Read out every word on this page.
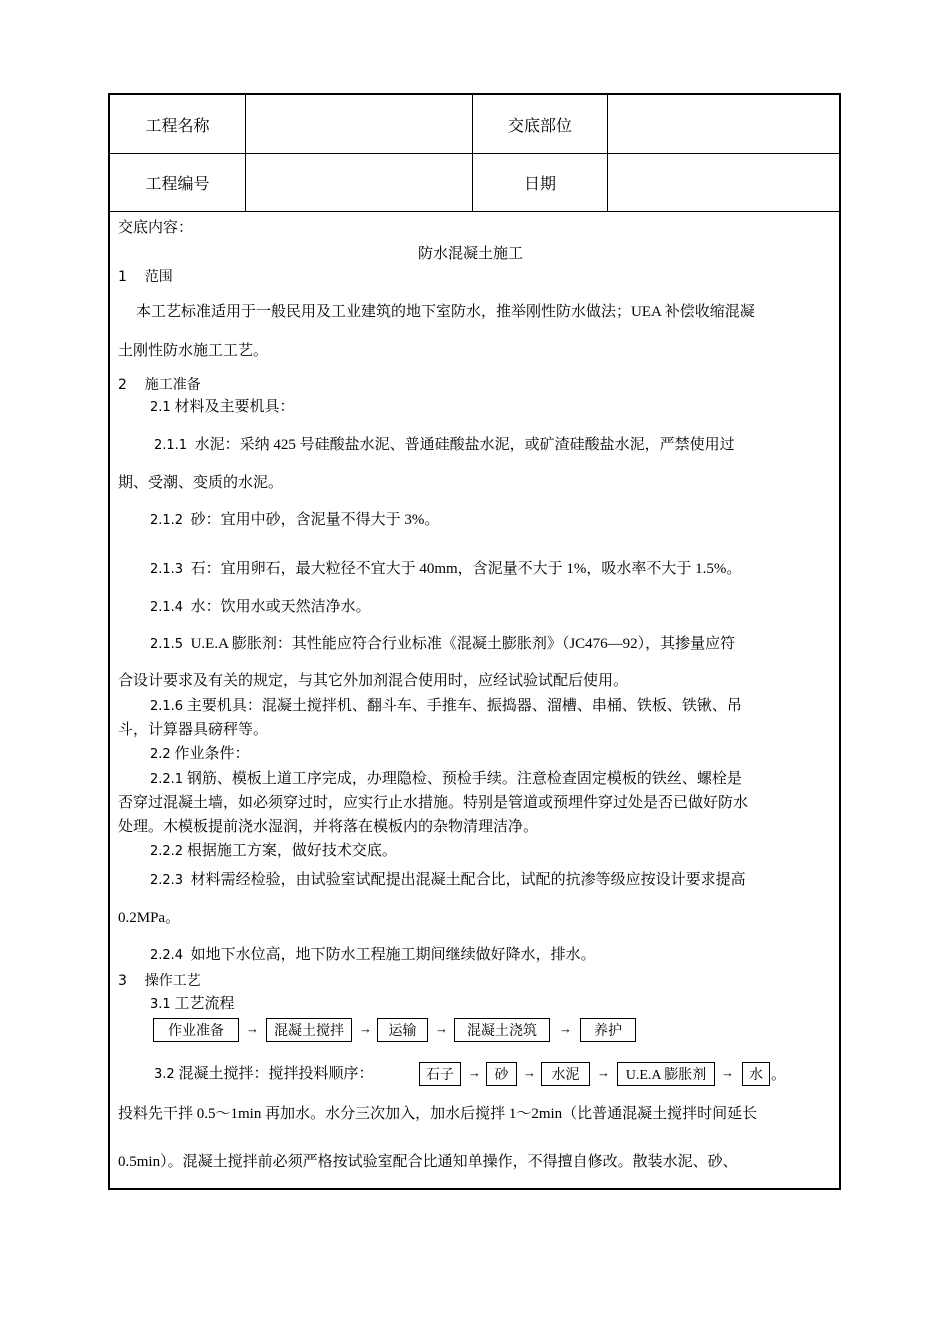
工程名称	交底部位
工程编号	日期
交底内容：
防水混凝土施工
1 范围
本工艺标准适用于一般民用及工业建筑的地下室防水，推举刚性防水做法；UEA 补偿收缩混凝
土刚性防水施工工艺。
2 施工准备
2.1 材料及主要机具：
2.1.1 水泥：采纳 425 号硅酸盐水泥、普通硅酸盐水泥，或矿渣硅酸盐水泥，严禁使用过
期、受潮、变质的水泥。
2.1.2 砂：宜用中砂，含泥量不得大于 3%。
2.1.3 石：宜用卵石，最大粒径不宜大于 40mm，含泥量不大于 1%，吸水率不大于 1.5%。
2.1.4 水：饮用水或天然洁净水。
2.1.5 U.E.A 膨胀剂：其性能应符合行业标准《混凝土膨胀剂》（JC476—92），其掺量应符
合设计要求及有关的规定，与其它外加剂混合使用时，应经试验试配后使用。
2.1.6 主要机具：混凝土搅拌机、翻斗车、手推车、振捣器、溜槽、串桶、铁板、铁锹、吊
斗，计算器具磅秤等。
2.2 作业条件：
2.2.1 钢筋、模板上道工序完成，办理隐检、预检手续。注意检查固定模板的铁丝、螺栓是
否穿过混凝土墙，如必须穿过时，应实行止水措施。特别是管道或预埋件穿过处是否已做好防水
处理。木模板提前浇水湿润，并将落在模板内的杂物清理洁净。
2.2.2 根据施工方案，做好技术交底。
2.2.3 材料需经检验，由试验室试配提出混凝土配合比，试配的抗渗等级应按设计要求提高
0.2MPa。
2.2.4 如地下水位高，地下防水工程施工期间继续做好降水，排水。
3 操作工艺
3.1 工艺流程
作业准备	→	混凝土搅拌	→	运输	→	混凝土浇筑	→	养护
3.2 混凝土搅拌：搅拌投料顺序：	石子	→ 砂	→	水泥	→	U.E.A 膨胀剂	→	水 。
投料先干拌 0.5～1min 再加水。水分三次加入，加水后搅拌 1～2min（比普通混凝土搅拌时间延长
0.5min）。混凝土搅拌前必须严格按试验室配合比通知单操作，不得擅自修改。散装水泥、砂、
